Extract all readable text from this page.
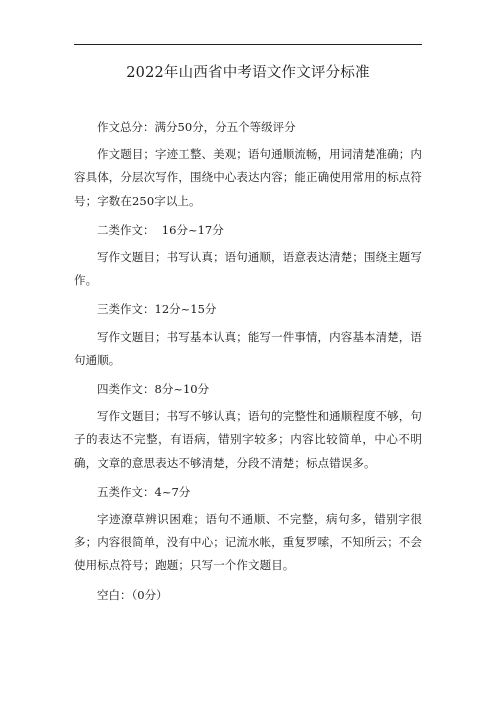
2022年山西省中考语文作文评分标准

作文总分：满分50分，分五个等级评分

作文题目；字迹工整、美观；语句通顺流畅，用词清楚准确；内容具体，分层次写作，围绕中心表达内容；能正确使用常用的标点符号；字数在250字以上。

二类作文：  16分~17分

写作文题目；书写认真；语句通顺，语意表达清楚；围绕主题写作。

三类作文：12分~15分

写作文题目；书写基本认真；能写一件事情，内容基本清楚，语句通顺。

四类作文：8分~10分

写作文题目；书写不够认真；语句的完整性和通顺程度不够，句子的表达不完整，有语病，错别字较多；内容比较简单，中心不明确，文章的意思表达不够清楚，分段不清楚；标点错误多。

五类作文：4~7分

字迹潦草辨识困难；语句不通顺、不完整，病句多，错别字很多；内容很简单，没有中心；记流水帐，重复罗嗦，不知所云；不会使用标点符号；跑题；只写一个作文题目。

空白：（0分）
